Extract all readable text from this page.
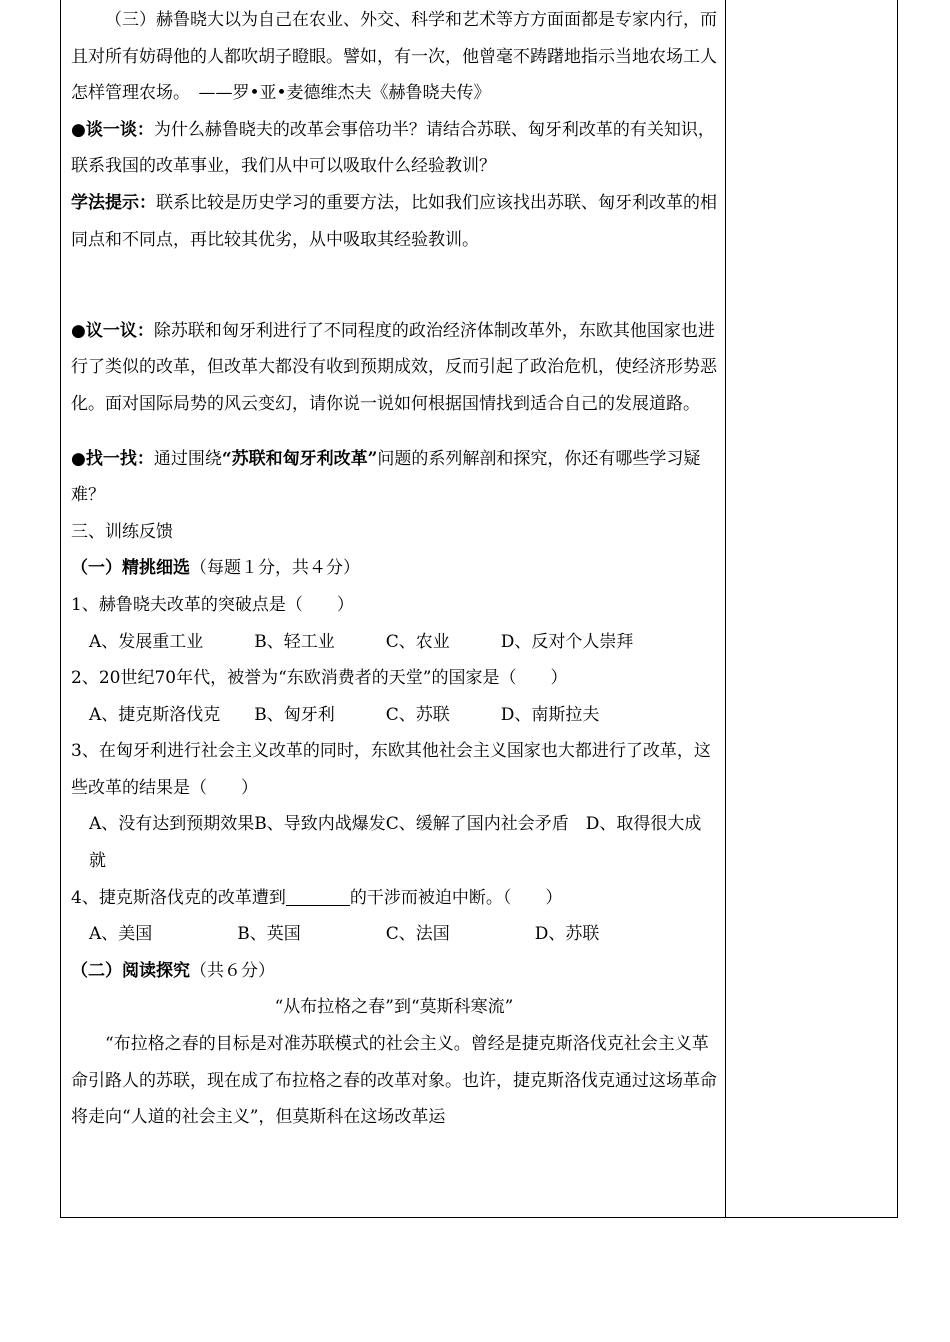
（三）赫鲁晓大以为自己在农业、外交、科学和艺术等方方面面都是专家内行，而且对所有妨碍他的人都吹胡子瞪眼。譬如，有一次，他曾毫不踌躇地指示当地农场工人怎样管理农场。　——罗•亚•麦德维杰夫《赫鲁晓夫传》

●谈一谈：为什么赫鲁晓夫的改革会事倍功半？请结合苏联、匈牙利改革的有关知识，联系我国的改革事业，我们从中可以吸取什么经验教训？

学法提示：联系比较是历史学习的重要方法，比如我们应该找出苏联、匈牙利改革的相同点和不同点，再比较其优劣，从中吸取其经验教训。

●议一议：除苏联和匈牙利进行了不同程度的政治经济体制改革外，东欧其他国家也进行了类似的改革，但改革大都没有收到预期成效，反而引起了政治危机，使经济形势恶化。面对国际局势的风云变幻，请你说一说如何根据国情找到适合自己的发展道路。

●找一找：通过围绕“苏联和匈牙利改革”问题的系列解剖和探究，你还有哪些学习疑难？

三、训练反馈

（一）精挑细选（每题１分，共４分）

1、赫鲁晓夫改革的突破点是（　　）

A、发展重工业　　　B、轻工业　　　C、农业　　　D、反对个人崇拜

2、20世纪70年代，被誉为“东欧消费者的天堂”的国家是（　　）

A、捷克斯洛伐克　　B、匈牙利　　　C、苏联　　　D、南斯拉夫

3、在匈牙利进行社会主义改革的同时，东欧其他社会主义国家也大都进行了改革，这些改革的结果是（　　）

A、没有达到预期效果B、导致内战爆发C、缓解了国内社会矛盾　D、取得很大成就

4、捷克斯洛伐克的改革遭到	的干涉而被迫中断。（　　）

A、美国　　　　　B、英国　　　　　C、法国　　　　　D、苏联

（二）阅读探究（共６分）

“从布拉格之春”到“莫斯科寒流”

“布拉格之春的目标是对准苏联模式的社会主义。曾经是捷克斯洛伐克社会主义革命引路人的苏联，现在成了布拉格之春的改革对象。也许，捷克斯洛伐克通过这场革命将走向“人道的社会主义”，但莫斯科在这场改革运
